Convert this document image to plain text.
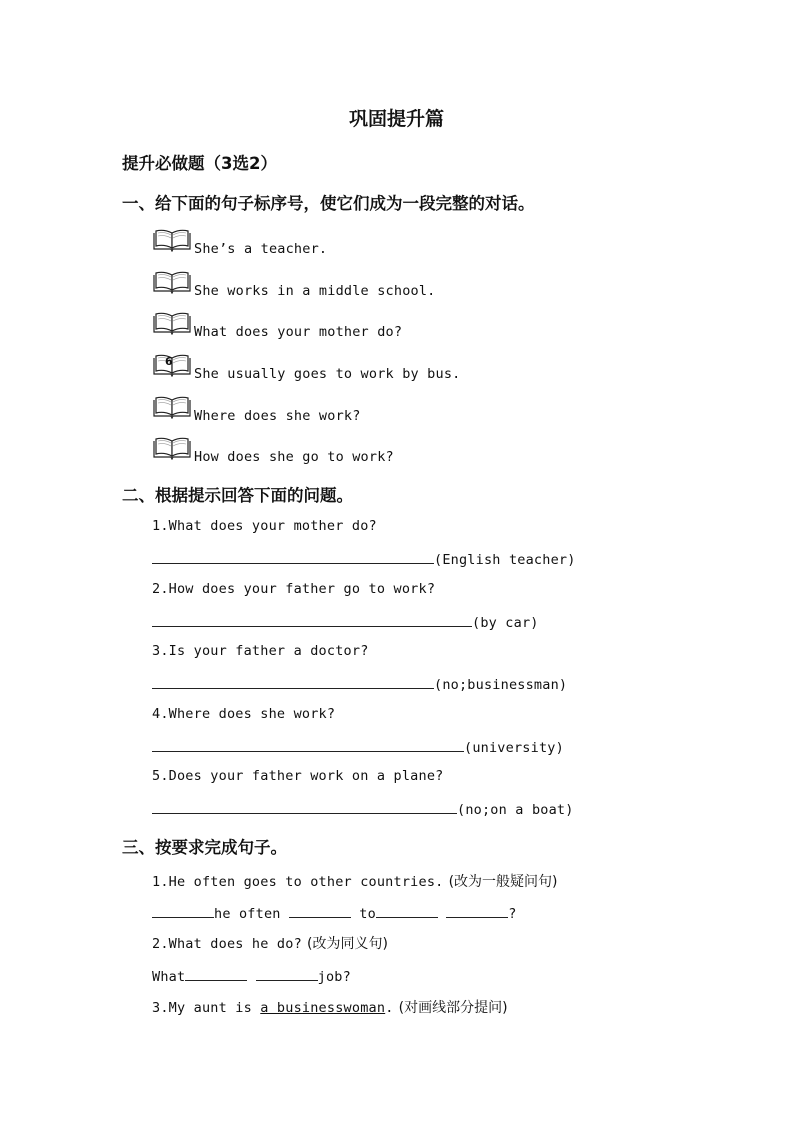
巩固提升篇
提升必做题（3选2）
一、给下面的句子标序号，使它们成为一段完整的对话。
She’s a teacher.
She works in a middle school.
What does your mother do?
6
She usually goes to work by bus.
Where does she work?
How does she go to work?
二、根据提示回答下面的问题。
1.What does your mother do?
(English teacher)
2.How does your father go to work?
(by car)
3.Is your father a doctor?
(no;businessman)
4.Where does she work?
(university)
5.Does your father work on a plane?
(no;on a boat)
三、按要求完成句子。
1.He often goes to other countries. (改为一般疑问句)
he often	to	?
2.What does he do? (改为同义句)
What	job?
3.My aunt is a businesswoman. (对画线部分提问)
